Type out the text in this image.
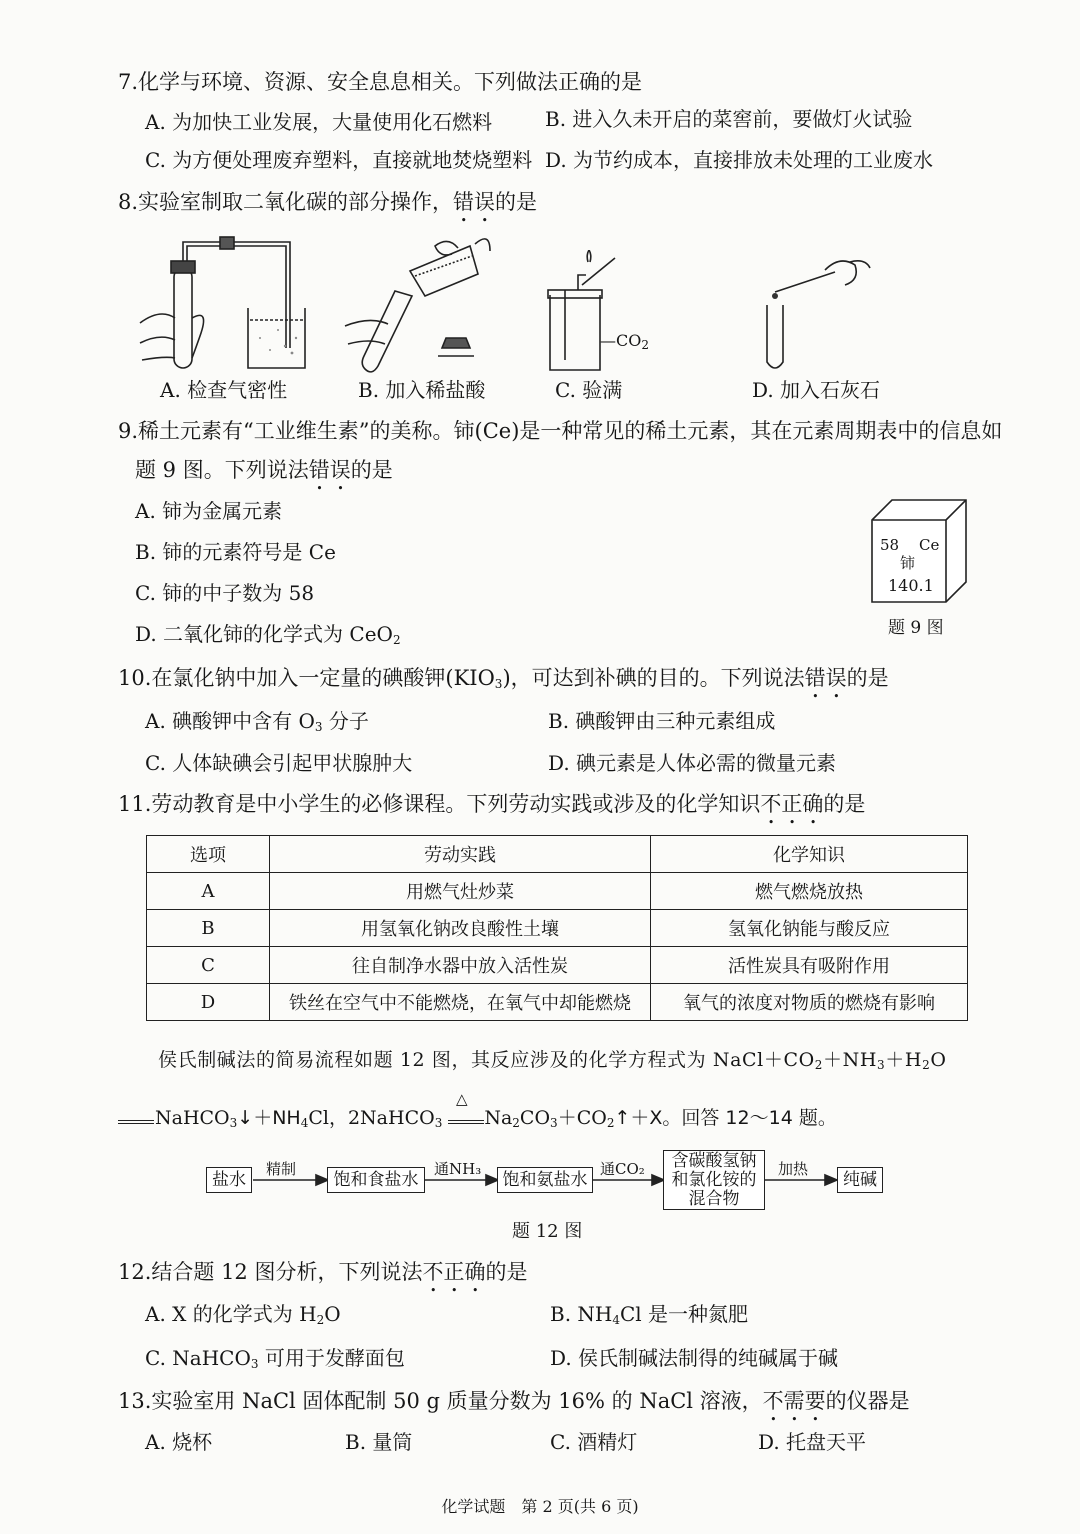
7.化学与环境、资源、安全息息相关。下列做法正确的是
A. 为加快工业发展，大量使用化石燃料	B. 进入久未开启的菜窖前，要做灯火试验
C. 为方便处理废弃塑料，直接就地焚烧塑料 D. 为节约成本，直接排放未处理的工业废水
8.实验室制取二氧化碳的部分操作，错误的是
A. 检查气密性	B. 加入稀盐酸
$—CO_2$
C. 验满	D. 加入石灰石
9.稀土元素有“工业维生素”的美称。铈(Ce)是一种常见的稀土元素，其在元素周期表中的信息如
题 9 图。下列说法错误的是
A. 铈为金属元素
B. 铈的元素符号是 Ce
C. 铈的中子数为 58
D. 二氧化铈的化学式为 CeO$_2$
58 Ce
铈
140.1
题 9 图
10.在氯化钠中加入一定量的碘酸钾$(KIO_3)$，可达到补碘的目的。下列说法错误的是
A. 碘酸钾中含有 $O_3$ 分子	B. 碘酸钾由三种元素组成
C. 人体缺碘会引起甲状腺肿大	D. 碘元素是人体必需的微量元素
11.劳动教育是中小学生的必修课程。下列劳动实践或涉及的化学知识不正确的是
选项	劳动实践	化学知识
A	用燃气灶炒菜	燃气燃烧放热
B	用氢氧化钠改良酸性土壤	氢氧化钠能与酸反应
C	往自制净水器中放入活性炭	活性炭具有吸附作用
D	铁丝在空气中不能燃烧，在氧气中却能燃烧	氧气的浓度对物质的燃烧有影响
侯氏制碱法的简易流程如题 12 图，其反应涉及的化学方程式为 $NaCl+CO_2+NH_3+H_2O$
$NaHCO_3↓+NH_4Cl$，2NaHCO$_3$ $Na_2CO_3+CO_2↑+X$。回答 12～14 题。
△
盐水
精制
饱和食盐水
通NH₃
饱和氨盐水
通CO₂	含碳酸氢钠和氯化铵的混合物
加热
纯碱
题 12 图
12.结合题 12 图分析，下列说法不正确的是
A. X 的化学式为 $H_2O$	B. $NH_4Cl$ 是一种氮肥
C. NaHCO$_3$ 可用于发酵面包	D. 侯氏制碱法制得的纯碱属于碱
13.实验室用 NaCl 固体配制 50 g 质量分数为 16% 的 NaCl 溶液，不需要的仪器是
A. 烧杯	B. 量筒	C. 酒精灯	D. 托盘天平
化学试题　第 2 页(共 6 页)
